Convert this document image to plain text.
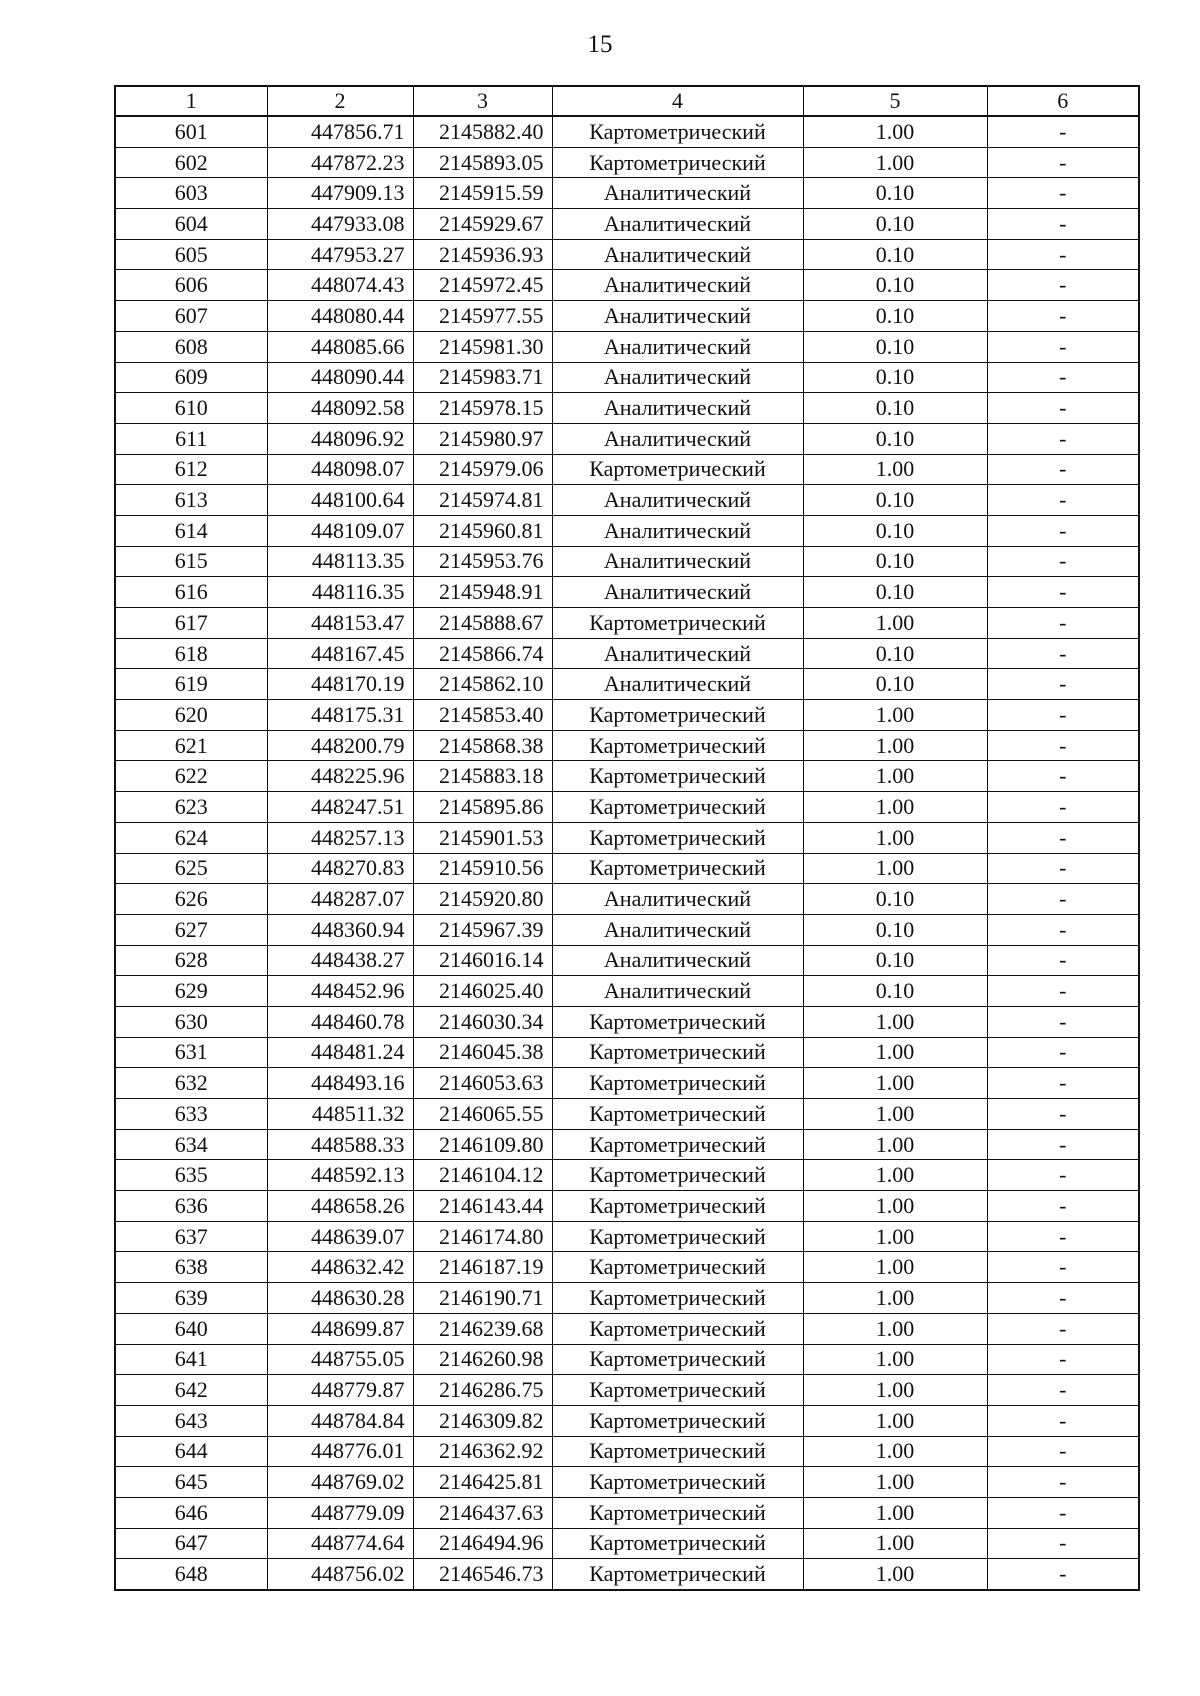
15
1	2	3	4	5	6
601	447856.71	2145882.40	Картометрический	1.00	-
602	447872.23	2145893.05	Картометрический	1.00	-
603	447909.13	2145915.59	Аналитический	0.10	-
604	447933.08	2145929.67	Аналитический	0.10	-
605	447953.27	2145936.93	Аналитический	0.10	-
606	448074.43	2145972.45	Аналитический	0.10	-
607	448080.44	2145977.55	Аналитический	0.10	-
608	448085.66	2145981.30	Аналитический	0.10	-
609	448090.44	2145983.71	Аналитический	0.10	-
610	448092.58	2145978.15	Аналитический	0.10	-
611	448096.92	2145980.97	Аналитический	0.10	-
612	448098.07	2145979.06	Картометрический	1.00	-
613	448100.64	2145974.81	Аналитический	0.10	-
614	448109.07	2145960.81	Аналитический	0.10	-
615	448113.35	2145953.76	Аналитический	0.10	-
616	448116.35	2145948.91	Аналитический	0.10	-
617	448153.47	2145888.67	Картометрический	1.00	-
618	448167.45	2145866.74	Аналитический	0.10	-
619	448170.19	2145862.10	Аналитический	0.10	-
620	448175.31	2145853.40	Картометрический	1.00	-
621	448200.79	2145868.38	Картометрический	1.00	-
622	448225.96	2145883.18	Картометрический	1.00	-
623	448247.51	2145895.86	Картометрический	1.00	-
624	448257.13	2145901.53	Картометрический	1.00	-
625	448270.83	2145910.56	Картометрический	1.00	-
626	448287.07	2145920.80	Аналитический	0.10	-
627	448360.94	2145967.39	Аналитический	0.10	-
628	448438.27	2146016.14	Аналитический	0.10	-
629	448452.96	2146025.40	Аналитический	0.10	-
630	448460.78	2146030.34	Картометрический	1.00	-
631	448481.24	2146045.38	Картометрический	1.00	-
632	448493.16	2146053.63	Картометрический	1.00	-
633	448511.32	2146065.55	Картометрический	1.00	-
634	448588.33	2146109.80	Картометрический	1.00	-
635	448592.13	2146104.12	Картометрический	1.00	-
636	448658.26	2146143.44	Картометрический	1.00	-
637	448639.07	2146174.80	Картометрический	1.00	-
638	448632.42	2146187.19	Картометрический	1.00	-
639	448630.28	2146190.71	Картометрический	1.00	-
640	448699.87	2146239.68	Картометрический	1.00	-
641	448755.05	2146260.98	Картометрический	1.00	-
642	448779.87	2146286.75	Картометрический	1.00	-
643	448784.84	2146309.82	Картометрический	1.00	-
644	448776.01	2146362.92	Картометрический	1.00	-
645	448769.02	2146425.81	Картометрический	1.00	-
646	448779.09	2146437.63	Картометрический	1.00	-
647	448774.64	2146494.96	Картометрический	1.00	-
648	448756.02	2146546.73	Картометрический	1.00	-
